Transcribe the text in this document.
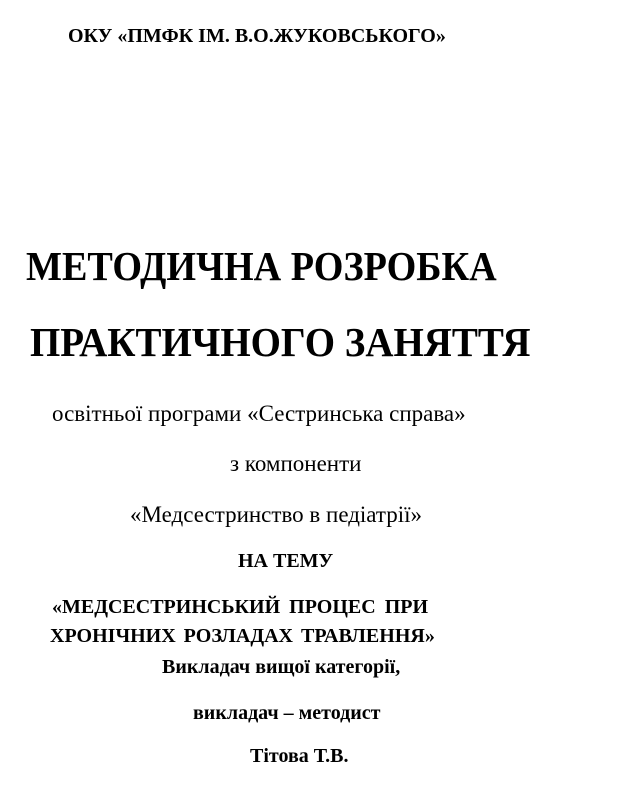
ОКУ «ПМФК ІМ. В.О.ЖУКОВСЬКОГО»

МЕТОДИЧНА РОЗРОБКА
ПРАКТИЧНОГО ЗАНЯТТЯ

освітньої програми «Сестринська справа»

з компоненти

«Медсестринство в педіатрії»

НА ТЕМУ

«МЕДСЕСТРИНСЬКИЙ ПРОЦЕС ПРИ

ХРОНІЧНИХ РОЗЛАДАХ ТРАВЛЕННЯ»

Викладач вищої категорії,

викладач – методист

Тітова Т.В.
